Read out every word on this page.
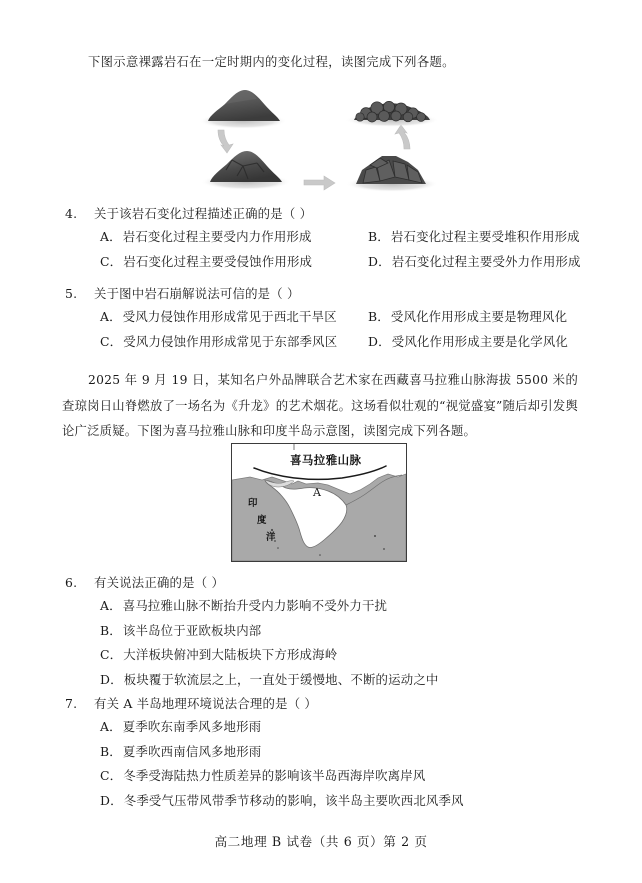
下图示意裸露岩石在一定时期内的变化过程，读图完成下列各题。
4.	关于该岩石变化过程描述正确的是（ ）
A．岩石变化过程主要受内力作用形成	B．岩石变化过程主要受堆积作用形成
C．岩石变化过程主要受侵蚀作用形成	D．岩石变化过程主要受外力作用形成
5.	关于图中岩石崩解说法可信的是（ ）
A．受风力侵蚀作用形成常见于西北干旱区	B．受风化作用形成主要是物理风化
C．受风力侵蚀作用形成常见于东部季风区	D．受风化作用形成主要是化学风化
2025 年 9 月 19 日，某知名户外品牌联合艺术家在西藏喜马拉雅山脉海拔 5500 米的查琼岗日山脊燃放了一场名为《升龙》的艺术烟花。这场看似壮观的“视觉盛宴”随后却引发舆论广泛质疑。下图为喜马拉雅山脉和印度半岛示意图，读图完成下列各题。
喜马拉雅山脉
A
印
度
洋
6.	有关说法正确的是（ ）
A．喜马拉雅山脉不断抬升受内力影响不受外力干扰
B．该半岛位于亚欧板块内部
C．大洋板块俯冲到大陆板块下方形成海岭
D．板块覆于软流层之上，一直处于缓慢地、不断的运动之中
7.	有关 A 半岛地理环境说法合理的是（ ）
A．夏季吹东南季风多地形雨
B．夏季吹西南信风多地形雨
C．冬季受海陆热力性质差异的影响该半岛西海岸吹离岸风
D．冬季受气压带风带季节移动的影响，该半岛主要吹西北风季风
高二地理 B 试卷（共 6 页）第 2 页
